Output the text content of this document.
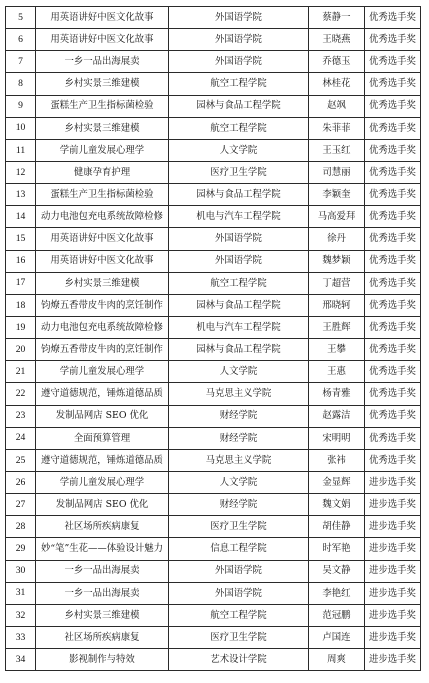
5	用英语讲好中医文化故事	外国语学院	蔡静一	优秀选手奖
6	用英语讲好中医文化故事	外国语学院	王晓燕	优秀选手奖
7	一乡一品出海展卖	外国语学院	乔德玉	优秀选手奖
8	乡村实景三维建模	航空工程学院	林桂花	优秀选手奖
9	蛋糕生产卫生指标菌检验	园林与食品工程学院	赵飒	优秀选手奖
10	乡村实景三维建模	航空工程学院	朱菲菲	优秀选手奖
11	学前儿童发展心理学	人文学院	王玉红	优秀选手奖
12	健康孕育护理	医疗卫生学院	司慧丽	优秀选手奖
13	蛋糕生产卫生指标菌检验	园林与食品工程学院	李颖奎	优秀选手奖
14	动力电池包充电系统故障检修	机电与汽车工程学院	马高爱拜	优秀选手奖
15	用英语讲好中医文化故事	外国语学院	徐丹	优秀选手奖
16	用英语讲好中医文化故事	外国语学院	魏梦颖	优秀选手奖
17	乡村实景三维建模	航空工程学院	丁超营	优秀选手奖
18	钧燎五香带皮牛肉的烹饪制作	园林与食品工程学院	邢晓轲	优秀选手奖
19	动力电池包充电系统故障检修	机电与汽车工程学院	王胜辉	优秀选手奖
20	钧燎五香带皮牛肉的烹饪制作	园林与食品工程学院	王攀	优秀选手奖
21	学前儿童发展心理学	人文学院	王惠	优秀选手奖
22	遵守道德规范，锤炼道德品质	马克思主义学院	杨青雅	优秀选手奖
23	发制品网店 SEO 优化	财经学院	赵露洁	优秀选手奖
24	全面预算管理	财经学院	宋明明	优秀选手奖
25	遵守道德规范，锤炼道德品质	马克思主义学院	张祎	优秀选手奖
26	学前儿童发展心理学	人文学院	金显辉	进步选手奖
27	发制品网店 SEO 优化	财经学院	魏文娟	进步选手奖
28	社区场所疾病康复	医疗卫生学院	胡佳静	进步选手奖
29	妙“笔”生花——体验设计魅力	信息工程学院	时军艳	进步选手奖
30	一乡一品出海展卖	外国语学院	吴文静	进步选手奖
31	一乡一品出海展卖	外国语学院	李艳红	进步选手奖
32	乡村实景三维建模	航空工程学院	范冠鹏	进步选手奖
33	社区场所疾病康复	医疗卫生学院	卢国连	进步选手奖
34	影视制作与特效	艺术设计学院	周爽	进步选手奖
